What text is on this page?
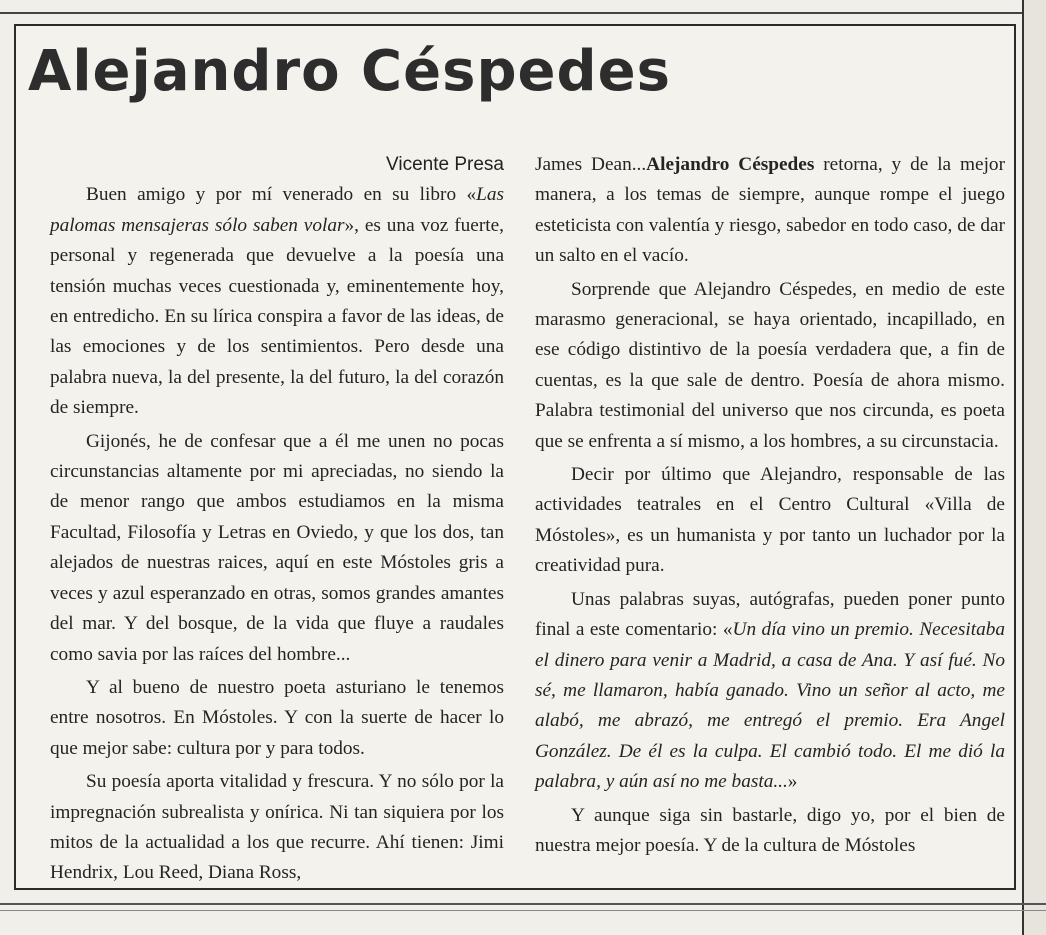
Alejandro Céspedes

Vicente Presa

Buen amigo y por mí venerado en su libro «Las palomas mensajeras sólo saben volar», es una voz fuerte, personal y regenerada que devuelve a la poesía una tensión muchas veces cuestionada y, eminentemente hoy, en entredicho. En su lírica conspira a favor de las ideas, de las emociones y de los sentimientos. Pero desde una palabra nueva, la del presente, la del futuro, la del corazón de siempre.

Gijonés, he de confesar que a él me unen no pocas circunstancias altamente por mi apreciadas, no siendo la de menor rango que ambos estudiamos en la misma Facultad, Filosofía y Letras en Oviedo, y que los dos, tan alejados de nuestras raices, aquí en este Móstoles gris a veces y azul esperanzado en otras, somos grandes amantes del mar. Y del bosque, de la vida que fluye a raudales como savia por las raíces del hombre...

Y al bueno de nuestro poeta asturiano le tenemos entre nosotros. En Móstoles. Y con la suerte de hacer lo que mejor sabe: cultura por y para todos.

Su poesía aporta vitalidad y frescura. Y no sólo por la impregnación subrealista y onírica. Ni tan siquiera por los mitos de la actualidad a los que recurre. Ahí tienen: Jimi Hendrix, Lou Reed, Diana Ross,

James Dean...Alejandro Céspedes retorna, y de la mejor manera, a los temas de siempre, aunque rompe el juego esteticista con valentía y riesgo, sabedor en todo caso, de dar un salto en el vacío.

Sorprende que Alejandro Céspedes, en medio de este marasmo generacional, se haya orientado, incapillado, en ese código distintivo de la poesía verdadera que, a fin de cuentas, es la que sale de dentro. Poesía de ahora mismo. Palabra testimonial del universo que nos circunda, es poeta que se enfrenta a sí mismo, a los hombres, a su circunstacia.

Decir por último que Alejandro, responsable de las actividades teatrales en el Centro Cultural «Villa de Móstoles», es un humanista y por tanto un luchador por la creatividad pura.

Unas palabras suyas, autógrafas, pueden poner punto final a este comentario: «Un día vino un premio. Necesitaba el dinero para venir a Madrid, a casa de Ana. Y así fué. No sé, me llamaron, había ganado. Vino un señor al acto, me alabó, me abrazó, me entregó el premio. Era Angel González. De él es la culpa. El cambió todo. El me dió la palabra, y aún así no me basta...»

Y aunque siga sin bastarle, digo yo, por el bien de nuestra mejor poesía. Y de la cultura de Móstoles
